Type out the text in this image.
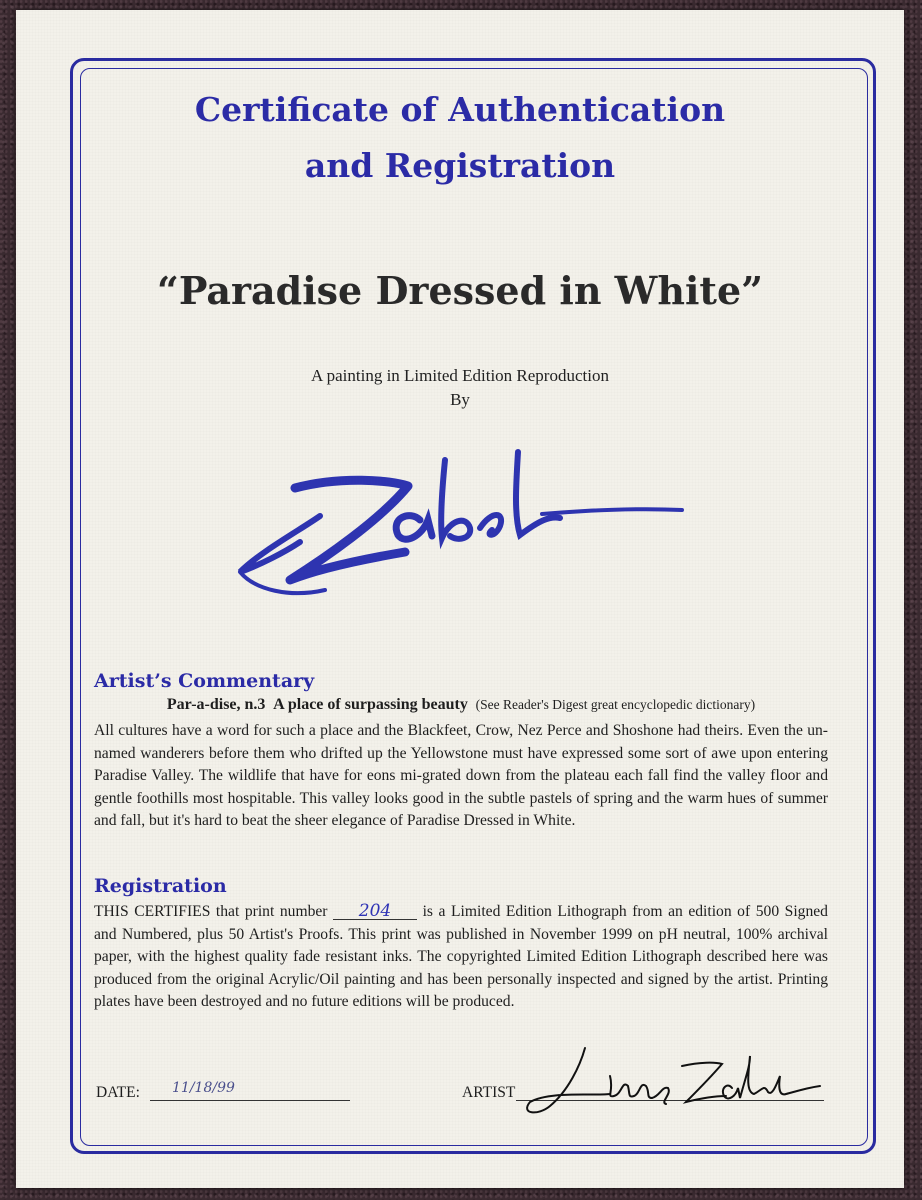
Certificate of Authentication
and Registration
“Paradise Dressed in White”
A painting in Limited Edition Reproduction
By
Artist’s Commentary
Par-a-dise, n.3 A place of surpassing beauty (See Reader's Digest great encyclopedic dictionary)

All cultures have a word for such a place and the Blackfeet, Crow, Nez Perce and Shoshone had theirs. Even the un-named wanderers before them who drifted up the Yellowstone must have expressed some sort of awe upon entering Paradise Valley. The wildlife that have for eons mi-grated down from the plateau each fall find the valley floor and gentle foothills most hospitable. This valley looks good in the subtle pastels of spring and the warm hues of summer and fall, but it's hard to beat the sheer elegance of Paradise Dressed in White.

Registration

THIS CERTIFIES that print number 204 is a Limited Edition Lithograph from an edition of 500 Signed and Numbered, plus 50 Artist's Proofs. This print was published in November 1999 on pH neutral, 100% archival paper, with the highest quality fade resistant inks. The copyrighted Limited Edition Lithograph described here was produced from the original Acrylic/Oil painting and has been personally inspected and signed by the artist. Printing plates have been destroyed and no future editions will be produced.

DATE: 11/18/99	ARTIST
